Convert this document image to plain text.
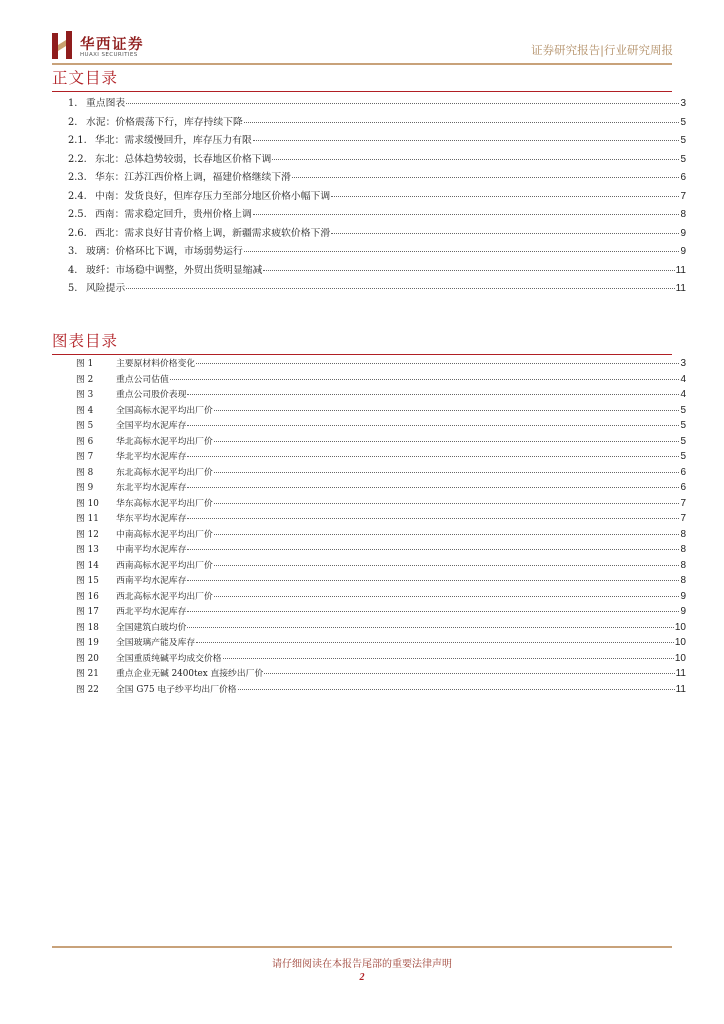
华西证券
HUAXI SECURITIES	证券研究报告|行业研究周报
正文目录
1. 重点图表	3
2. 水泥：价格震荡下行，库存持续下降	5
2.1. 华北：需求缓慢回升，库存压力有限	5
2.2. 东北：总体趋势较弱，长春地区价格下调	5
2.3. 华东：江苏江西价格上调，福建价格继续下滑	6
2.4. 中南：发货良好，但库存压力至部分地区价格小幅下调	7
2.5. 西南：需求稳定回升，贵州价格上调	8
2.6. 西北：需求良好甘青价格上调，新疆需求疲软价格下滑	9
3. 玻璃：价格环比下调，市场弱势运行	9
4. 玻纤：市场稳中调整，外贸出货明显缩减	11
5. 风险提示	11
图表目录
图 1	主要原材料价格变化	3
图 2	重点公司估值	4
图 3	重点公司股价表现	4
图 4	全国高标水泥平均出厂价	5
图 5	全国平均水泥库存	5
图 6	华北高标水泥平均出厂价	5
图 7	华北平均水泥库存	5
图 8	东北高标水泥平均出厂价	6
图 9	东北平均水泥库存	6
图 10	华东高标水泥平均出厂价	7
图 11	华东平均水泥库存	7
图 12	中南高标水泥平均出厂价	8
图 13	中南平均水泥库存	8
图 14	西南高标水泥平均出厂价	8
图 15	西南平均水泥库存	8
图 16	西北高标水泥平均出厂价	9
图 17	西北平均水泥库存	9
图 18	全国建筑白玻均价	10
图 19	全国玻璃产能及库存	10
图 20	全国重质纯碱平均成交价格	10
图 21	重点企业无碱 2400tex 直接纱出厂价	11
图 22	全国 G75 电子纱平均出厂价格	11
请仔细阅读在本报告尾部的重要法律声明
2
